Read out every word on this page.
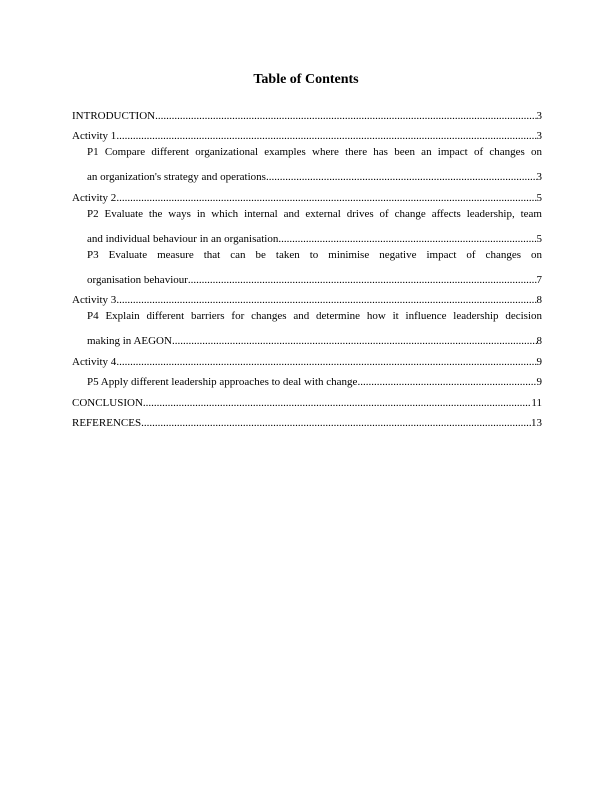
Table of Contents
INTRODUCTION .....	3
Activity 1 .....	3
P1 Compare different organizational examples where there has been an impact of changes on
an organization's strategy and operations .....	3
Activity 2 .....	5
P2 Evaluate the ways in which internal and external drives of change affects leadership, team
and individual behaviour in an organisation .....	5
P3 Evaluate measure that can be taken to minimise negative impact of changes on
organisation behaviour .....	7
Activity 3 .....	8
P4 Explain different barriers for changes and determine how it influence leadership decision
making in AEGON .....	8
Activity 4 .....	9
P5 Apply different leadership approaches to deal with change .....	9
CONCLUSION .....	11
REFERENCES .....	13
